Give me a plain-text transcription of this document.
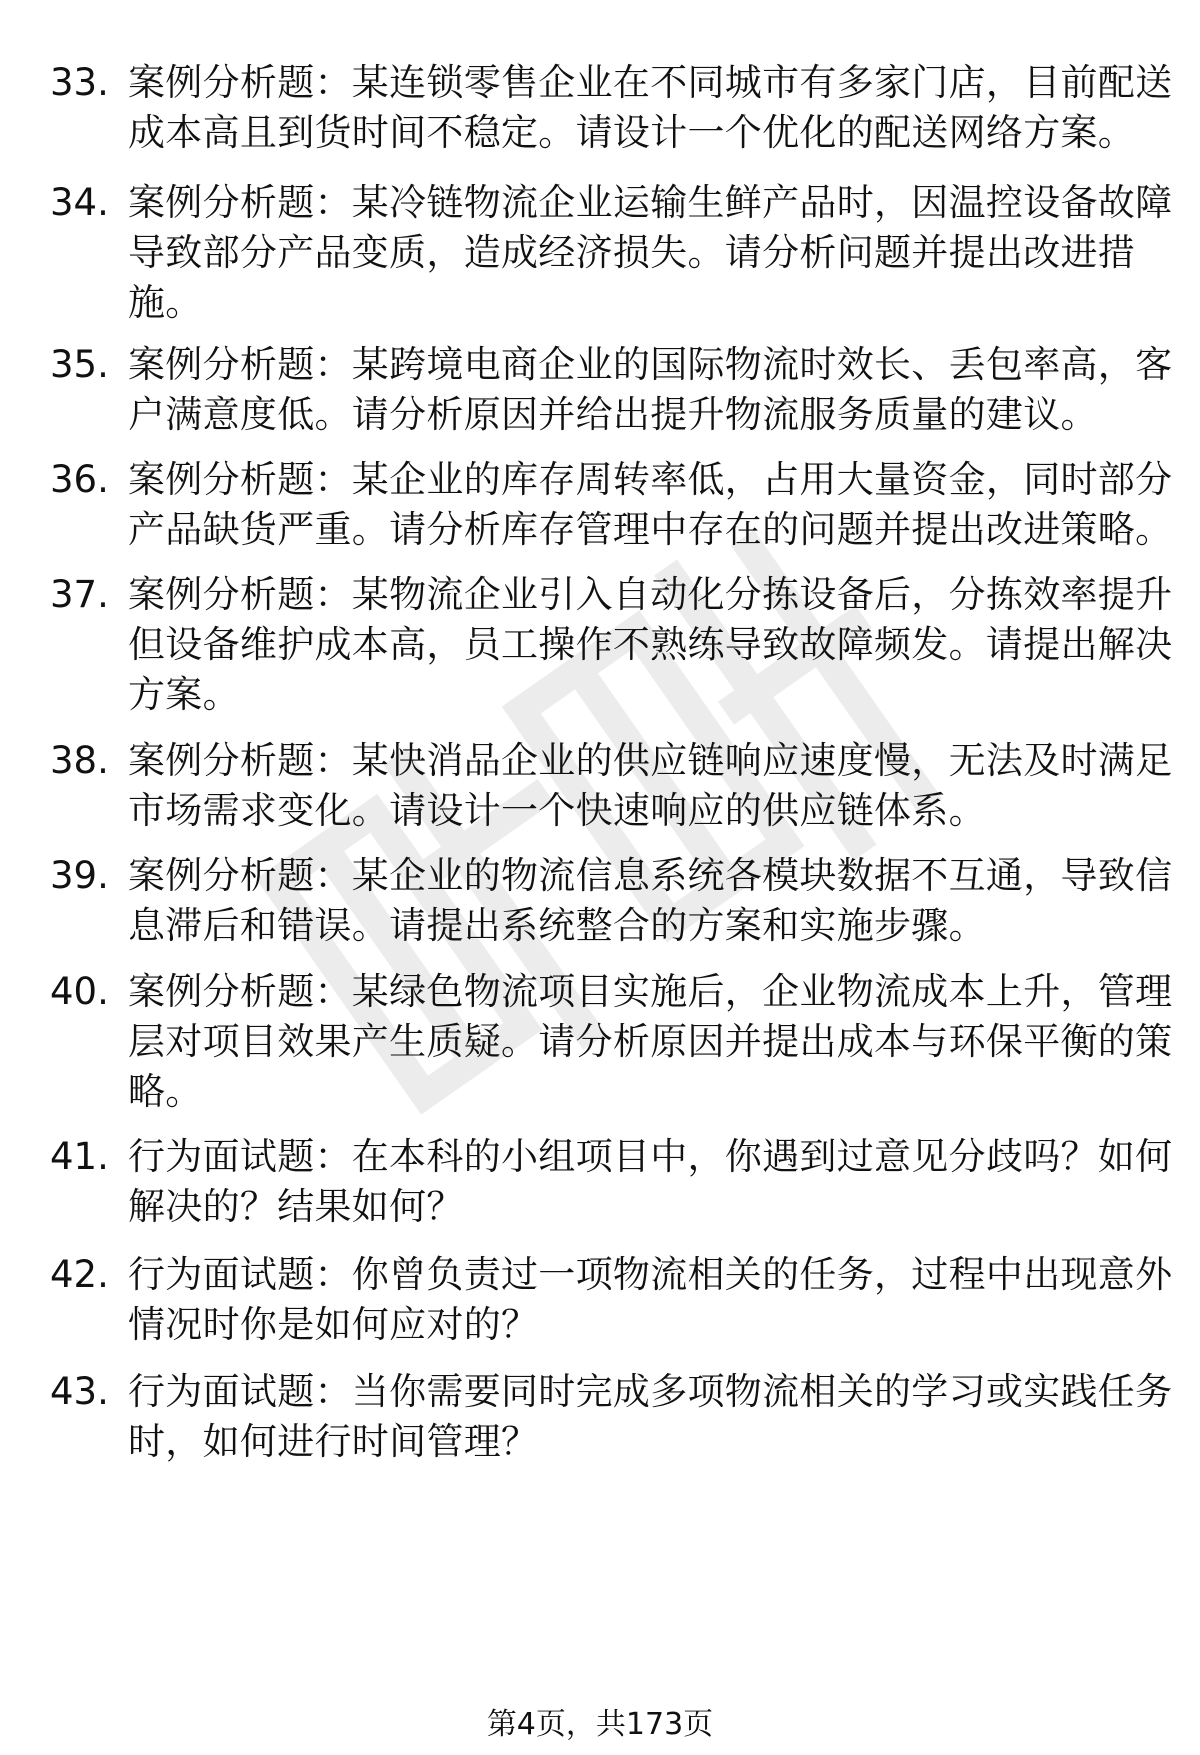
33. 案例分析题：某连锁零售企业在不同城市有多家门店，目前配送
成本高且到货时间不稳定。请设计一个优化的配送网络方案。
34. 案例分析题：某冷链物流企业运输生鲜产品时，因温控设备故障
导致部分产品变质，造成经济损失。请分析问题并提出改进措
施。
35. 案例分析题：某跨境电商企业的国际物流时效长、丢包率高，客
户满意度低。请分析原因并给出提升物流服务质量的建议。
36. 案例分析题：某企业的库存周转率低，占用大量资金，同时部分
产品缺货严重。请分析库存管理中存在的问题并提出改进策略。
37. 案例分析题：某物流企业引入自动化分拣设备后，分拣效率提升
但设备维护成本高，员工操作不熟练导致故障频发。请提出解决
方案。
38. 案例分析题：某快消品企业的供应链响应速度慢，无法及时满足
市场需求变化。请设计一个快速响应的供应链体系。
39. 案例分析题：某企业的物流信息系统各模块数据不互通，导致信
息滞后和错误。请提出系统整合的方案和实施步骤。
40. 案例分析题：某绿色物流项目实施后，企业物流成本上升，管理
层对项目效果产生质疑。请分析原因并提出成本与环保平衡的策
略。
41. 行为面试题：在本科的小组项目中，你遇到过意见分歧吗？如何
解决的？结果如何？
42. 行为面试题：你曾负责过一项物流相关的任务，过程中出现意外
情况时你是如何应对的？
43. 行为面试题：当你需要同时完成多项物流相关的学习或实践任务
时，如何进行时间管理？
第4页，共173页
